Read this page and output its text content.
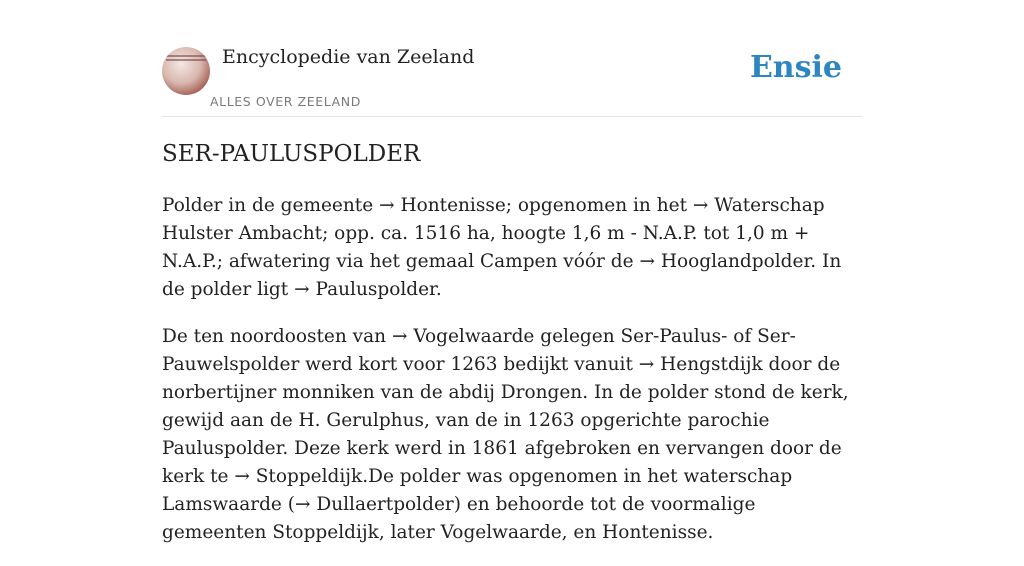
Encyclopedie van Zeeland
ALLES OVER ZEELAND
Ensie
SER-PAULUSPOLDER

Polder in de gemeente → Hontenisse; opgenomen in het → Waterschap Hulster Ambacht; opp. ca. 1516 ha, hoogte 1,6 m - N.A.P. tot 1,0 m + N.A.P.; afwatering via het gemaal Campen vóór de → Hooglandpolder. In de polder ligt → Pauluspolder.

De ten noordoosten van → Vogelwaarde gelegen Ser-Paulus- of Ser-Pauwelspolder werd kort voor 1263 bedijkt vanuit → Hengstdijk door de norbertijner monniken van de abdij Drongen. In de polder stond de kerk, gewijd aan de H. Gerulphus, van de in 1263 opgerichte parochie Pauluspolder. Deze kerk werd in 1861 afgebroken en vervangen door de kerk te → Stoppeldijk.De polder was opgenomen in het waterschap Lamswaarde (→ Dullaertpolder) en behoorde tot de voormalige gemeenten Stoppeldijk, later Vogelwaarde, en Hontenisse.
